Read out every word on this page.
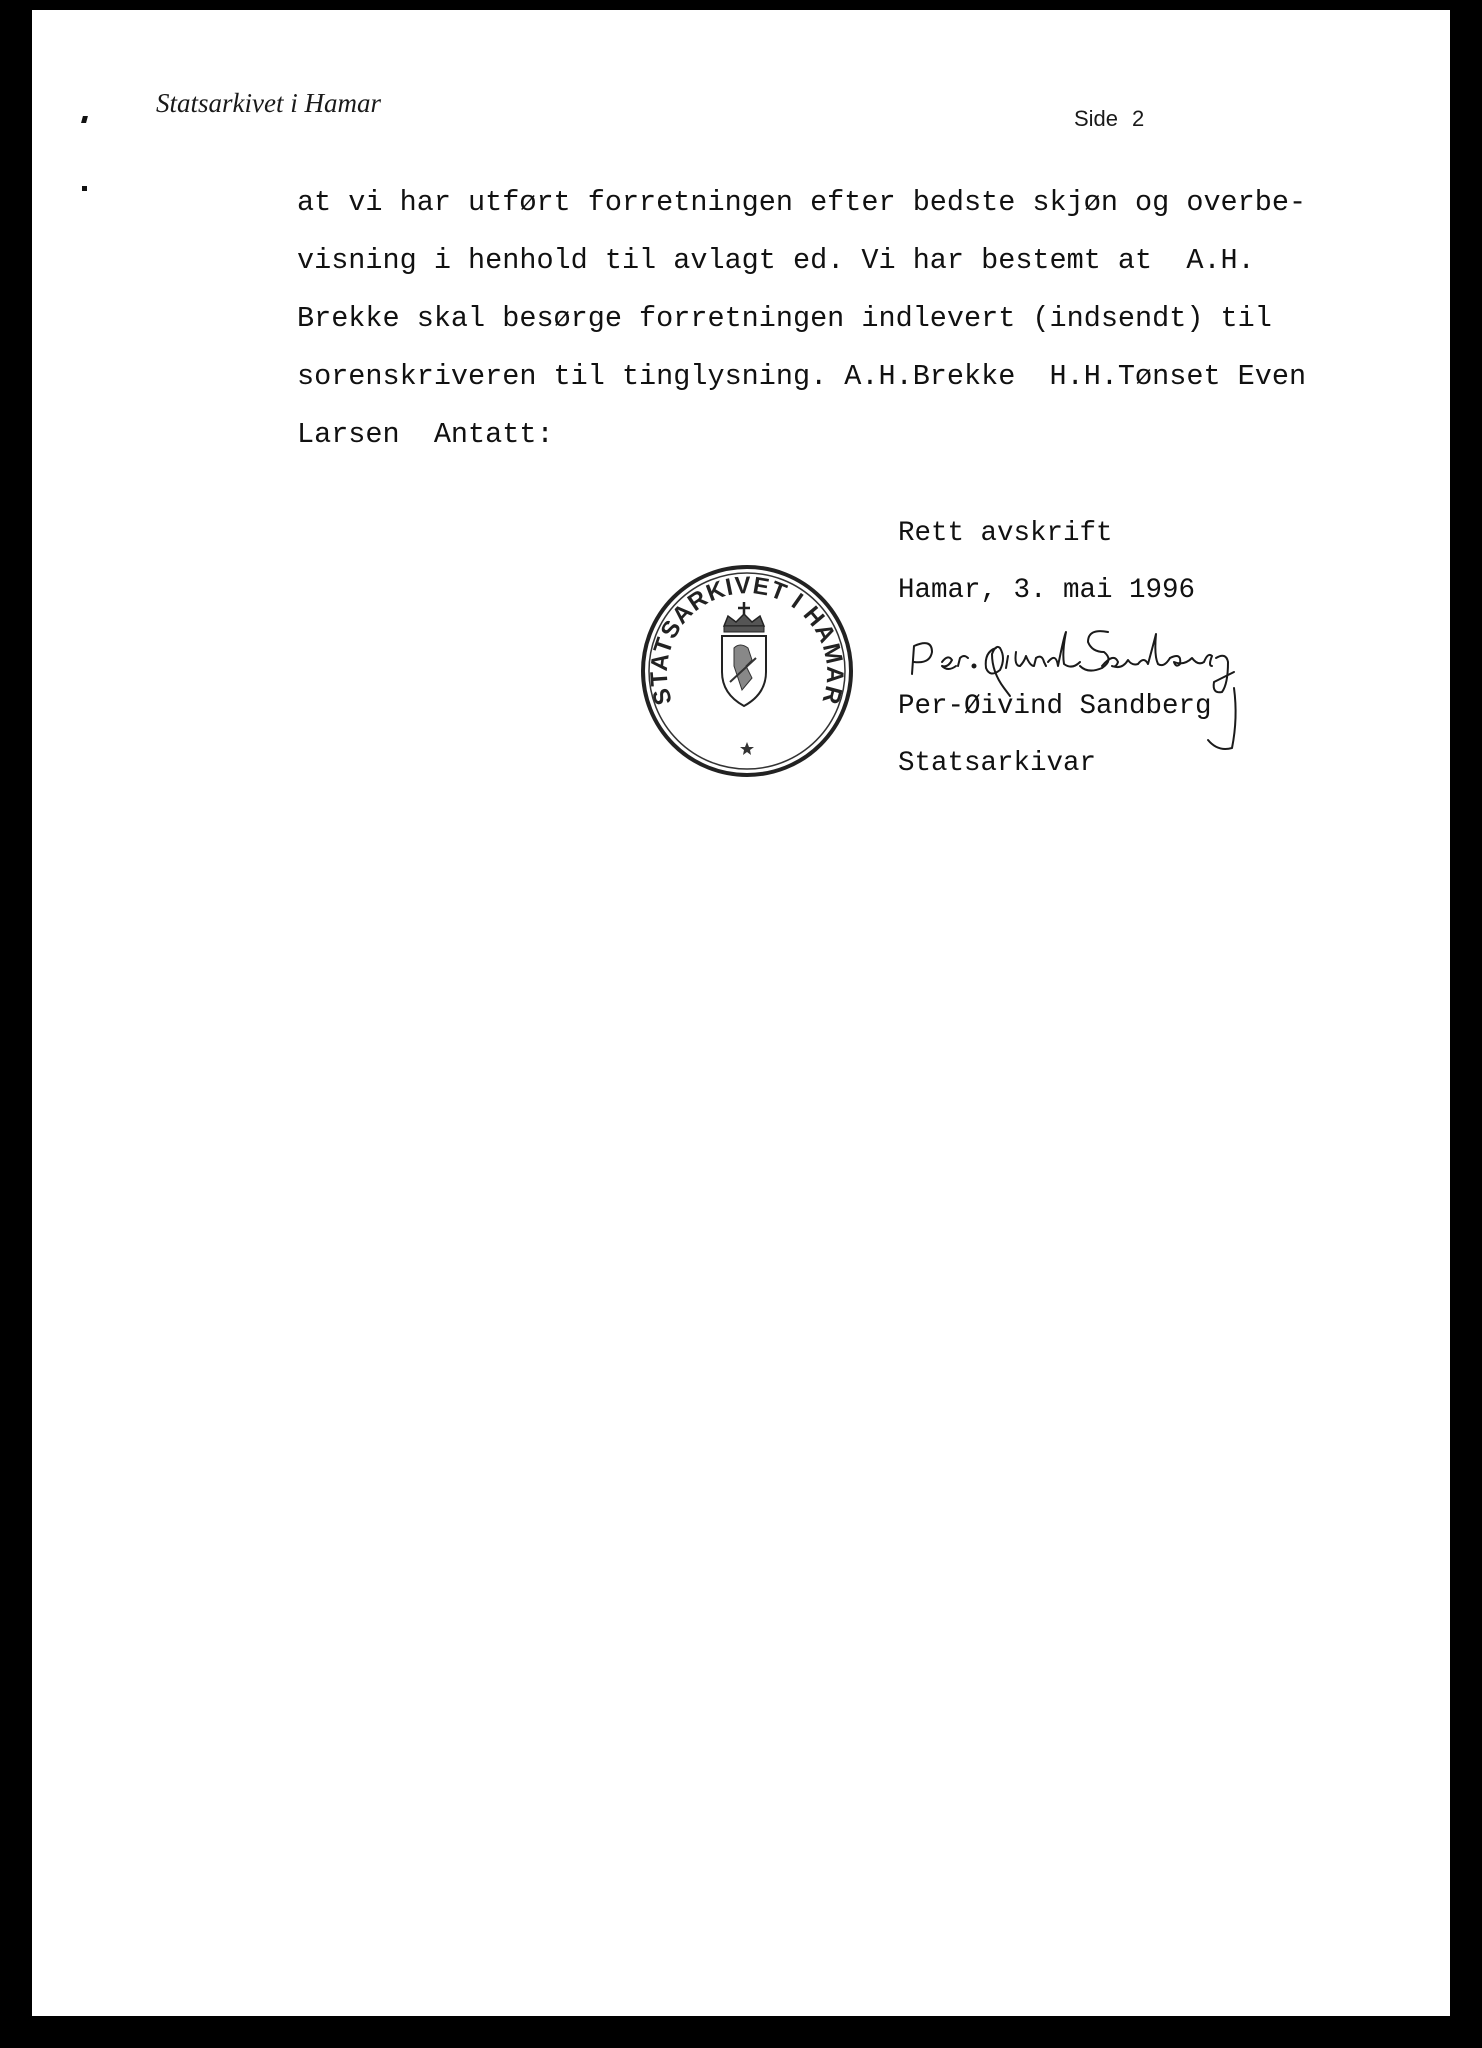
Statsarkivet i Hamar
Side 2
at vi har utført forretningen efter bedste skjøn og overbe-
visning i henhold til avlagt ed. Vi har bestemt at  A.H.
Brekke skal besørge forretningen indlevert (indsendt) til
sorenskriveren til tinglysning. A.H.Brekke  H.H.Tønset Even
Larsen  Antatt:
STATSARKIVET I HAMAR
Per-Øivind Sandberg
Rett avskrift
Hamar, 3. mai 1996
Per-Øivind Sandberg
Statsarkivar
